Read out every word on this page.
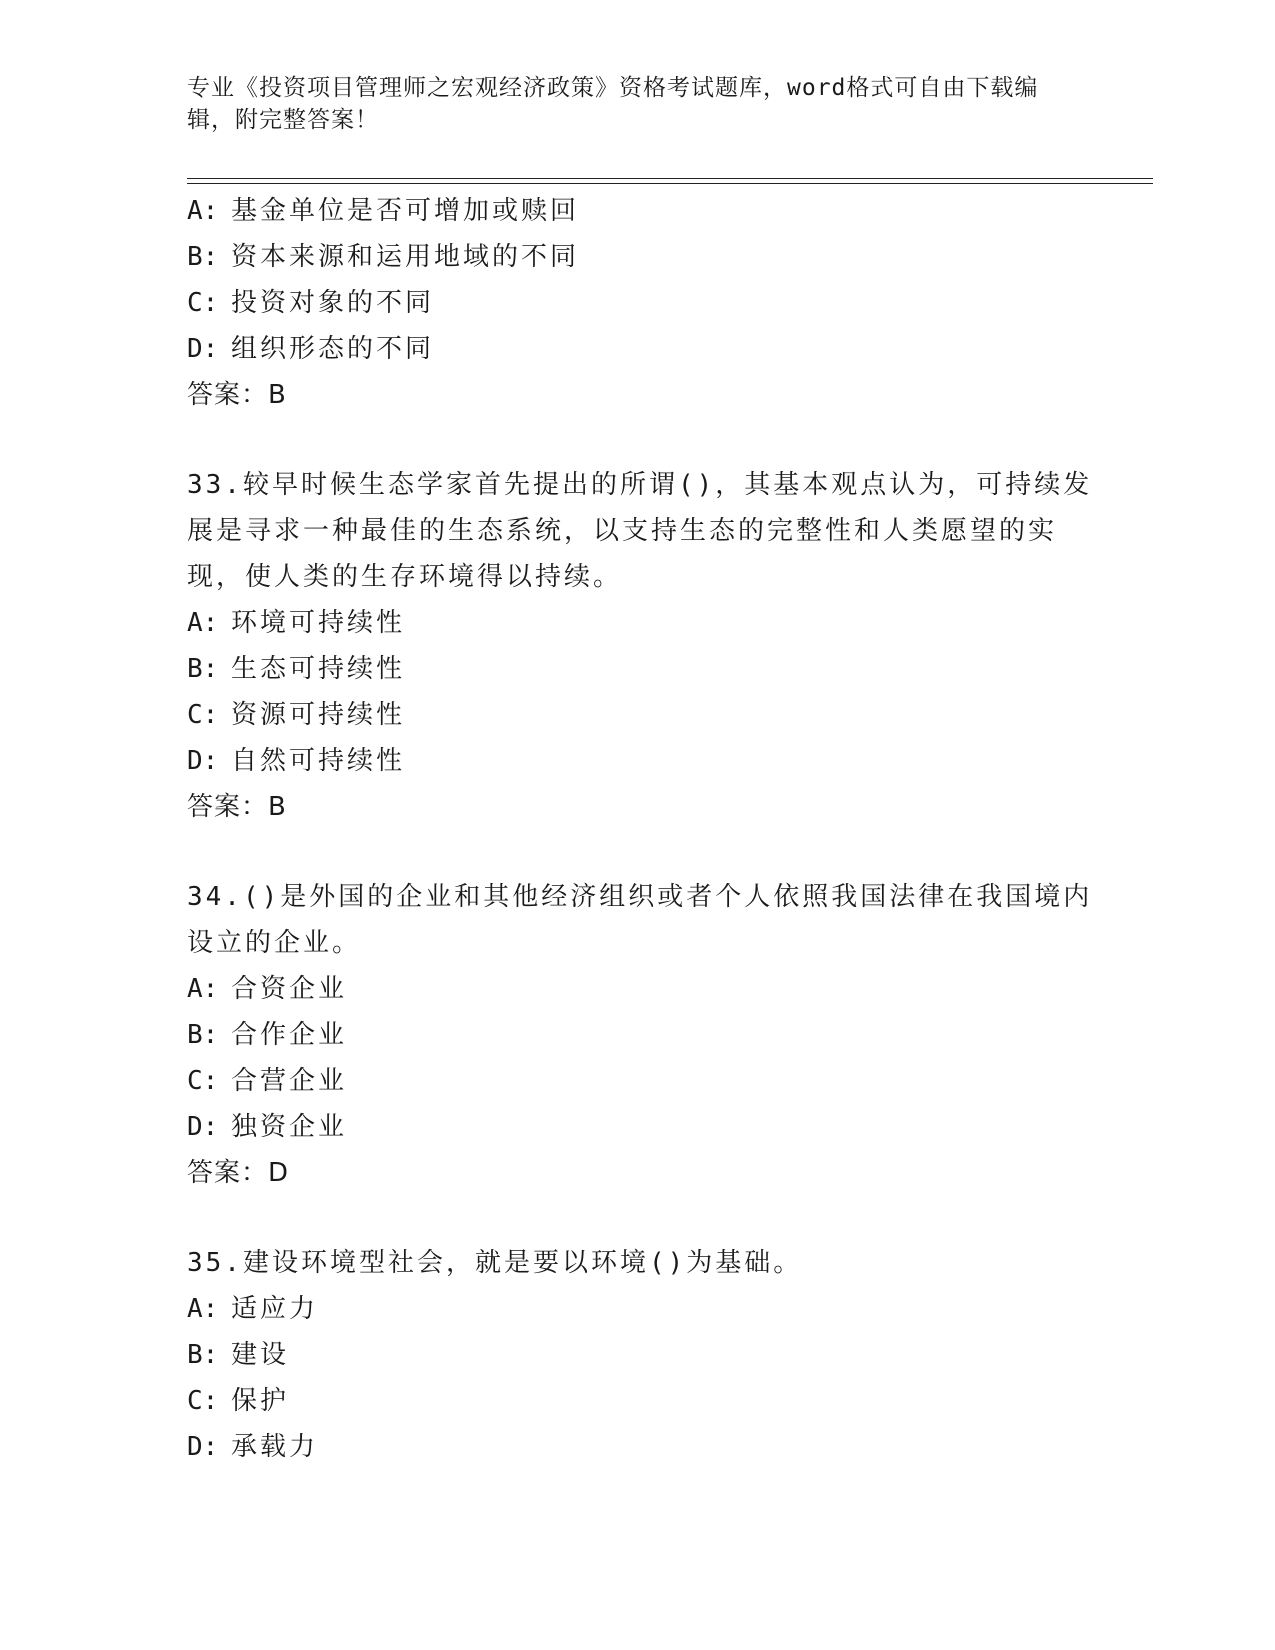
专业《投资项目管理师之宏观经济政策》资格考试题库，word格式可自由下载编
辑，附完整答案！
A: 基金单位是否可增加或赎回
B: 资本来源和运用地域的不同
C: 投资对象的不同
D: 组织形态的不同
答案：B
33.较早时候生态学家首先提出的所谓()，其基本观点认为，可持续发
展是寻求一种最佳的生态系统，以支持生态的完整性和人类愿望的实
现，使人类的生存环境得以持续。
A: 环境可持续性
B: 生态可持续性
C: 资源可持续性
D: 自然可持续性
答案：B
34.()是外国的企业和其他经济组织或者个人依照我国法律在我国境内
设立的企业。
A: 合资企业
B: 合作企业
C: 合营企业
D: 独资企业
答案：D
35.建设环境型社会，就是要以环境()为基础。
A: 适应力
B: 建设
C: 保护
D: 承载力
